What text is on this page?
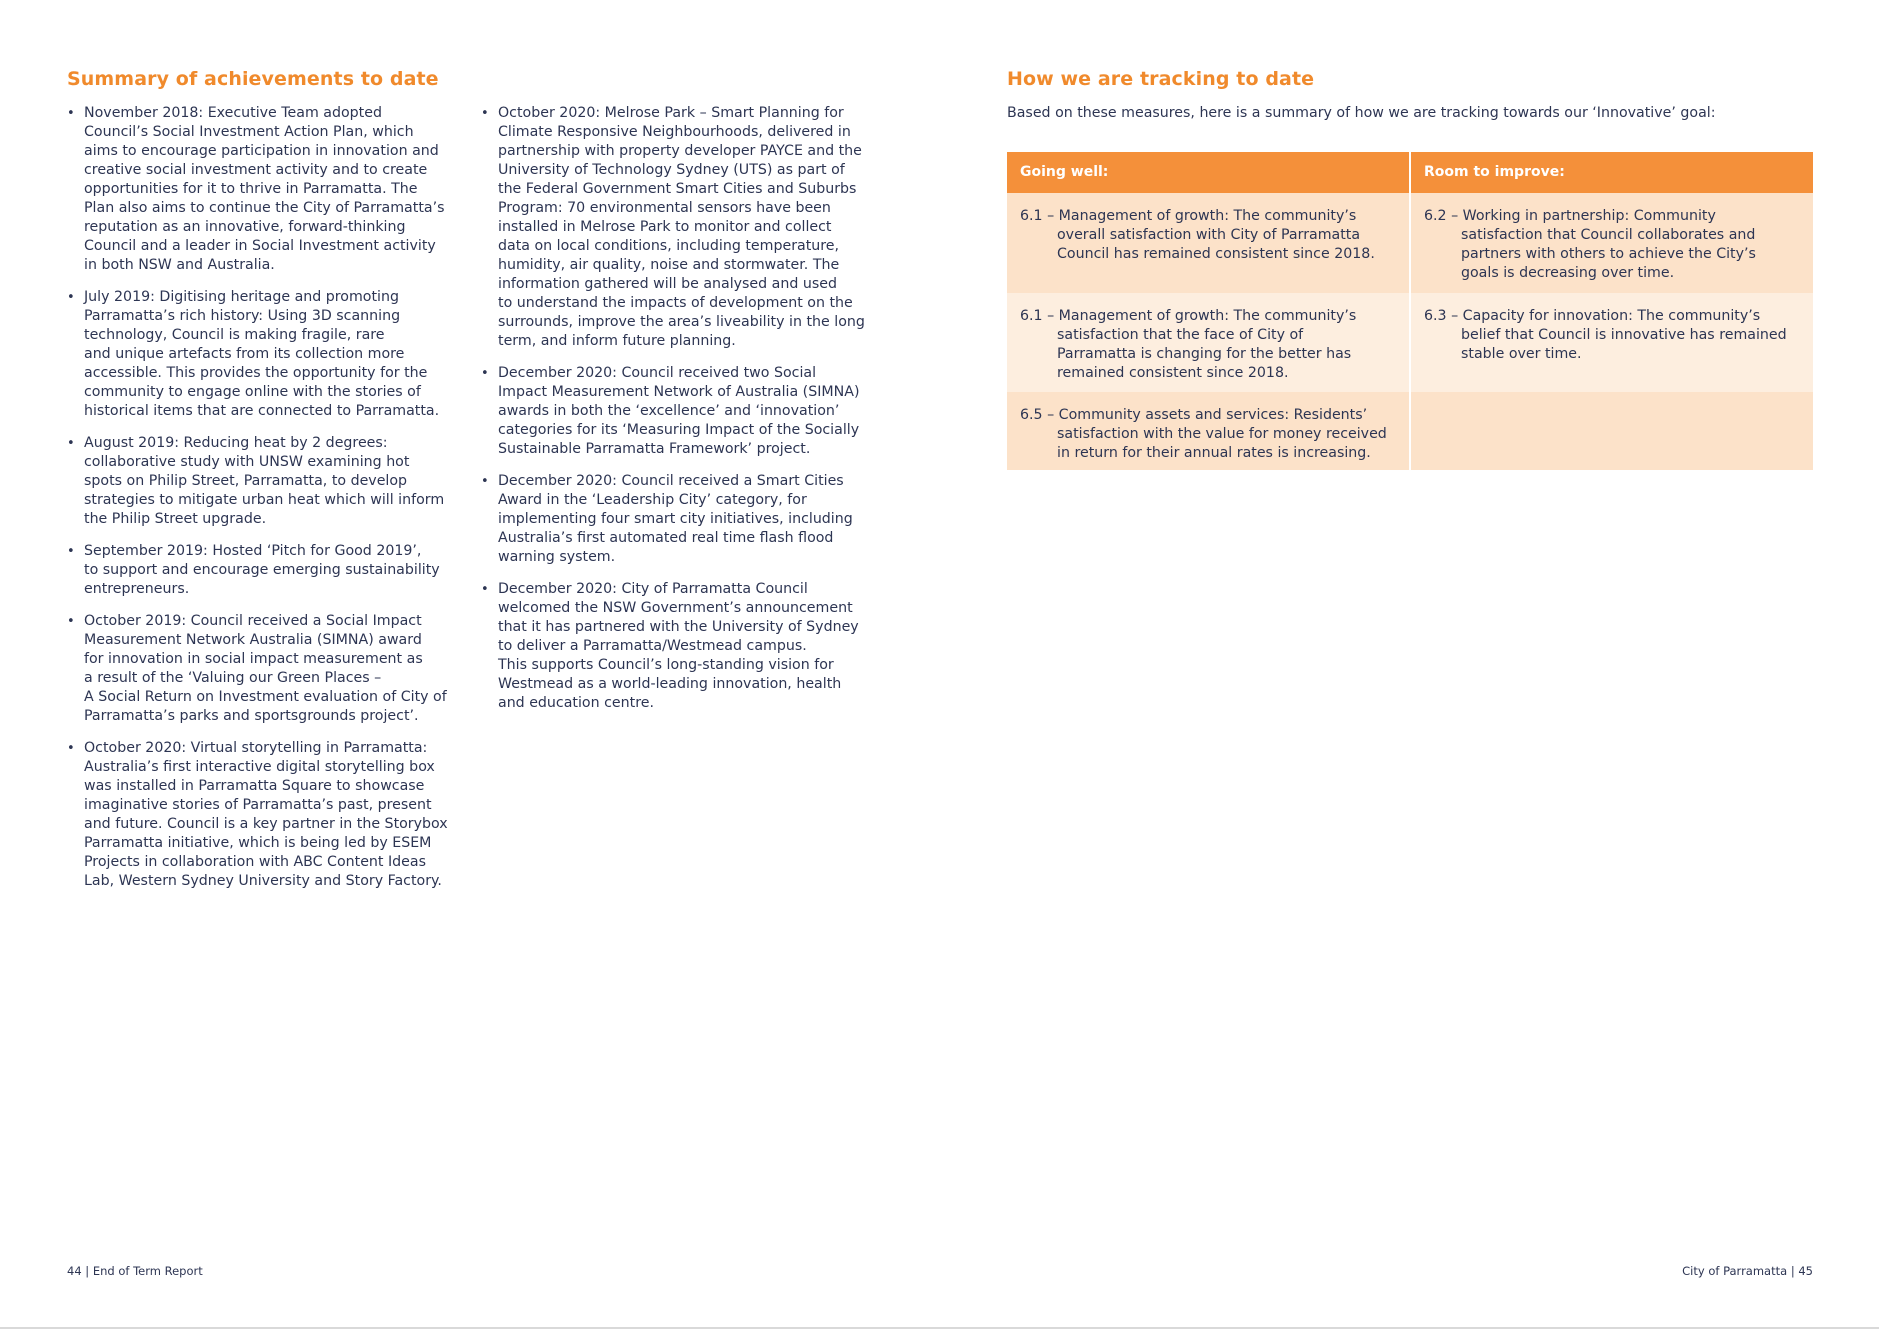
Summary of achievements to date
• November 2018: Executive Team adopted
Council’s Social Investment Action Plan, which
aims to encourage participation in innovation and
creative social investment activity and to create
opportunities for it to thrive in Parramatta. The
Plan also aims to continue the City of Parramatta’s
reputation as an innovative, forward-thinking
Council and a leader in Social Investment activity
in both NSW and Australia.
• July 2019: Digitising heritage and promoting
Parramatta’s rich history: Using 3D scanning
technology, Council is making fragile, rare
and unique artefacts from its collection more
accessible. This provides the opportunity for the
community to engage online with the stories of
historical items that are connected to Parramatta.
• August 2019: Reducing heat by 2 degrees:
collaborative study with UNSW examining hot
spots on Philip Street, Parramatta, to develop
strategies to mitigate urban heat which will inform
the Philip Street upgrade.
• September 2019: Hosted ‘Pitch for Good 2019’,
to support and encourage emerging sustainability
entrepreneurs.
• October 2019: Council received a Social Impact
Measurement Network Australia (SIMNA) award
for innovation in social impact measurement as
a result of the ‘Valuing our Green Places –
A Social Return on Investment evaluation of City of
Parramatta’s parks and sportsgrounds project’.
• October 2020: Virtual storytelling in Parramatta:
Australia’s first interactive digital storytelling box
was installed in Parramatta Square to showcase
imaginative stories of Parramatta’s past, present
and future. Council is a key partner in the Storybox
Parramatta initiative, which is being led by ESEM
Projects in collaboration with ABC Content Ideas
Lab, Western Sydney University and Story Factory.
• October 2020: Melrose Park – Smart Planning for
Climate Responsive Neighbourhoods, delivered in
partnership with property developer PAYCE and the
University of Technology Sydney (UTS) as part of
the Federal Government Smart Cities and Suburbs
Program: 70 environmental sensors have been
installed in Melrose Park to monitor and collect
data on local conditions, including temperature,
humidity, air quality, noise and stormwater. The
information gathered will be analysed and used
to understand the impacts of development on the
surrounds, improve the area’s liveability in the long
term, and inform future planning.
• December 2020: Council received two Social
Impact Measurement Network of Australia (SIMNA)
awards in both the ‘excellence’ and ‘innovation’
categories for its ‘Measuring Impact of the Socially
Sustainable Parramatta Framework’ project.
• December 2020: Council received a Smart Cities
Award in the ‘Leadership City’ category, for
implementing four smart city initiatives, including
Australia’s first automated real time flash flood
warning system.
• December 2020: City of Parramatta Council
welcomed the NSW Government’s announcement
that it has partnered with the University of Sydney
to deliver a Parramatta/Westmead campus.
This supports Council’s long-standing vision for
Westmead as a world-leading innovation, health
and education centre.
How we are tracking to date

Based on these measures, here is a summary of how we are tracking towards our ‘Innovative’ goal:

Going well:	Room to improve:

6.1 – Management of growth: The community’s
overall satisfaction with City of Parramatta
Council has remained consistent since 2018.	6.2 – Working in partnership: Community
satisfaction that Council collaborates and
partners with others to achieve the City’s
goals is decreasing over time.

6.1 – Management of growth: The community’s
satisfaction that the face of City of
Parramatta is changing for the better has
remained consistent since 2018.	6.3 – Capacity for innovation: The community’s
belief that Council is innovative has remained
stable over time.

6.5 – Community assets and services: Residents’
satisfaction with the value for money received
in return for their annual rates is increasing.	

44 | End of Term Report	City of Parramatta | 45
